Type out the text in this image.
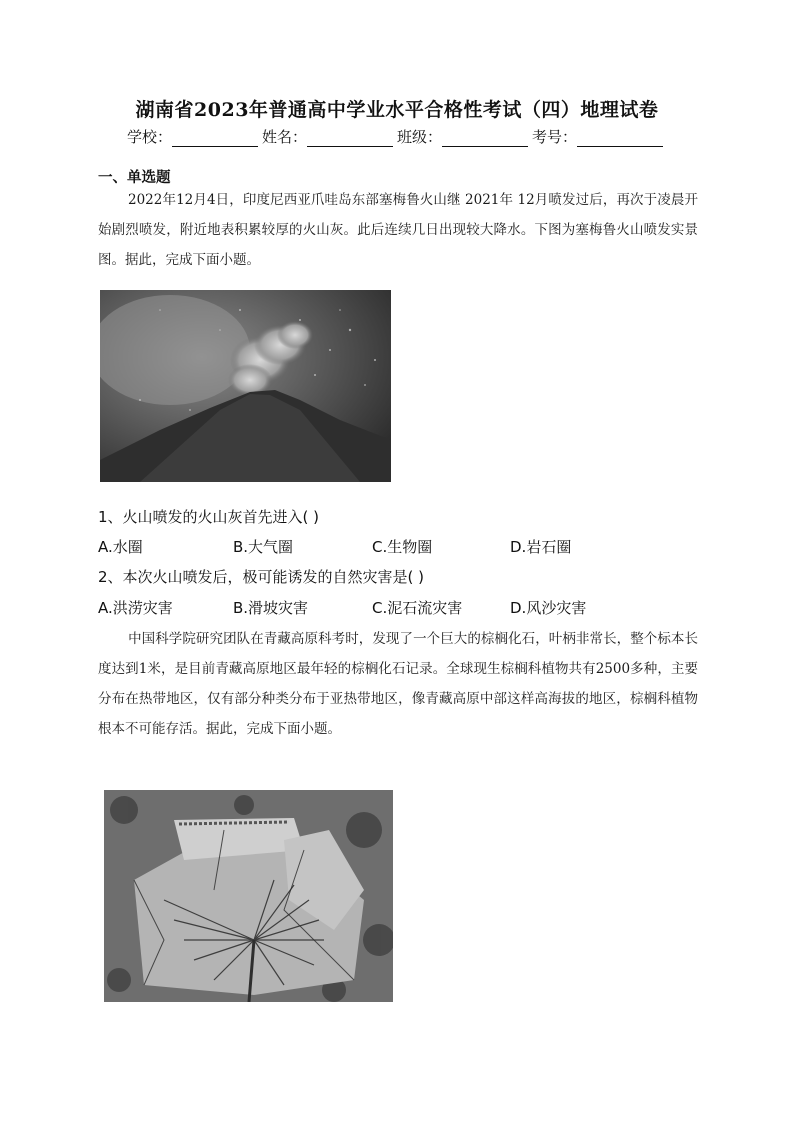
湖南省2023年普通高中学业水平合格性考试（四）地理试卷
学校：	姓名：	班级：	考号：
一、单选题
2022年12月4日，印度尼西亚爪哇岛东部塞梅鲁火山继 2021年 12月喷发过后，再次于凌晨开始剧烈喷发，附近地表积累较厚的火山灰。此后连续几日出现较大降水。下图为塞梅鲁火山喷发实景图。据此，完成下面小题。
1、火山喷发的火山灰首先进入( )
A.水圈	B.大气圈	C.生物圈	D.岩石圈
2、本次火山喷发后，极可能诱发的自然灾害是( )
A.洪涝灾害	B.滑坡灾害	C.泥石流灾害	D.风沙灾害
中国科学院研究团队在青藏高原科考时，发现了一个巨大的棕榈化石，叶柄非常长，整个标本长度达到1米，是目前青藏高原地区最年轻的棕榈化石记录。全球现生棕榈科植物共有2500多种，主要分布在热带地区，仅有部分种类分布于亚热带地区，像青藏高原中部这样高海拔的地区，棕榈科植物根本不可能存活。据此，完成下面小题。
